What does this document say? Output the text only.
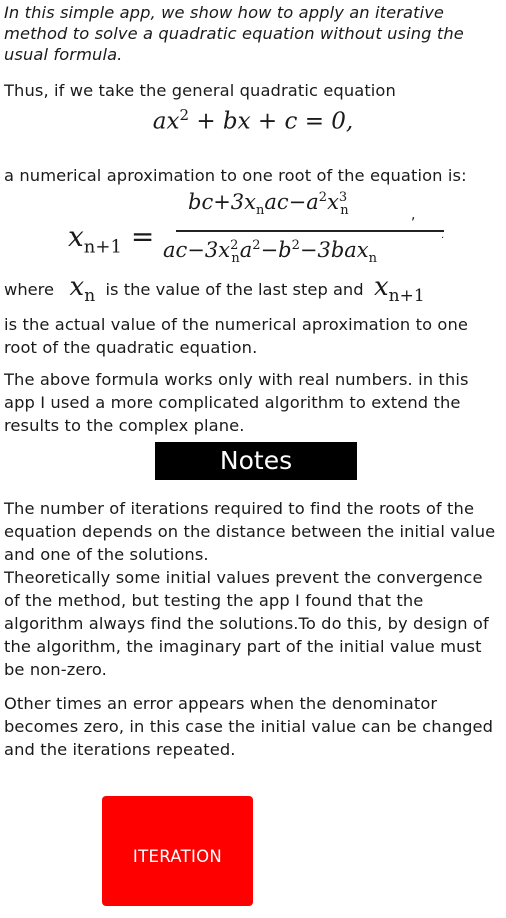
In this simple app, we show how to apply an iterative method to solve a quadratic equation without using the usual formula.

Thus, if we take the general quadratic equation

$ax^2$ + bx + c = 0,

a numerical aproximation to one root of the equation is:

$x_{n+1}$ =
$bc+3x_nac-a^2x^3_n$
$ac-3x^2_na^2-b^2-3bax_n$
,
.
where $x_n$ is the value of the last step and $x_{n+1}$

is the actual value of the numerical aproximation to one root of the quadratic equation.

The above formula works only with real numbers. in this app I used a more complicated algorithm to extend the results to the complex plane.

Notes
The number of iterations required to find the roots of the equation depends on the distance between the initial value and one of the solutions.
Theoretically some initial values prevent the convergence of the method, but testing the app I found that the algorithm always find the solutions.To do this, by design of the algorithm, the imaginary part of the initial value must be non-zero.

Other times an error appears when the denominator becomes zero, in this case the initial value can be changed and the iterations repeated.

ITERATION
